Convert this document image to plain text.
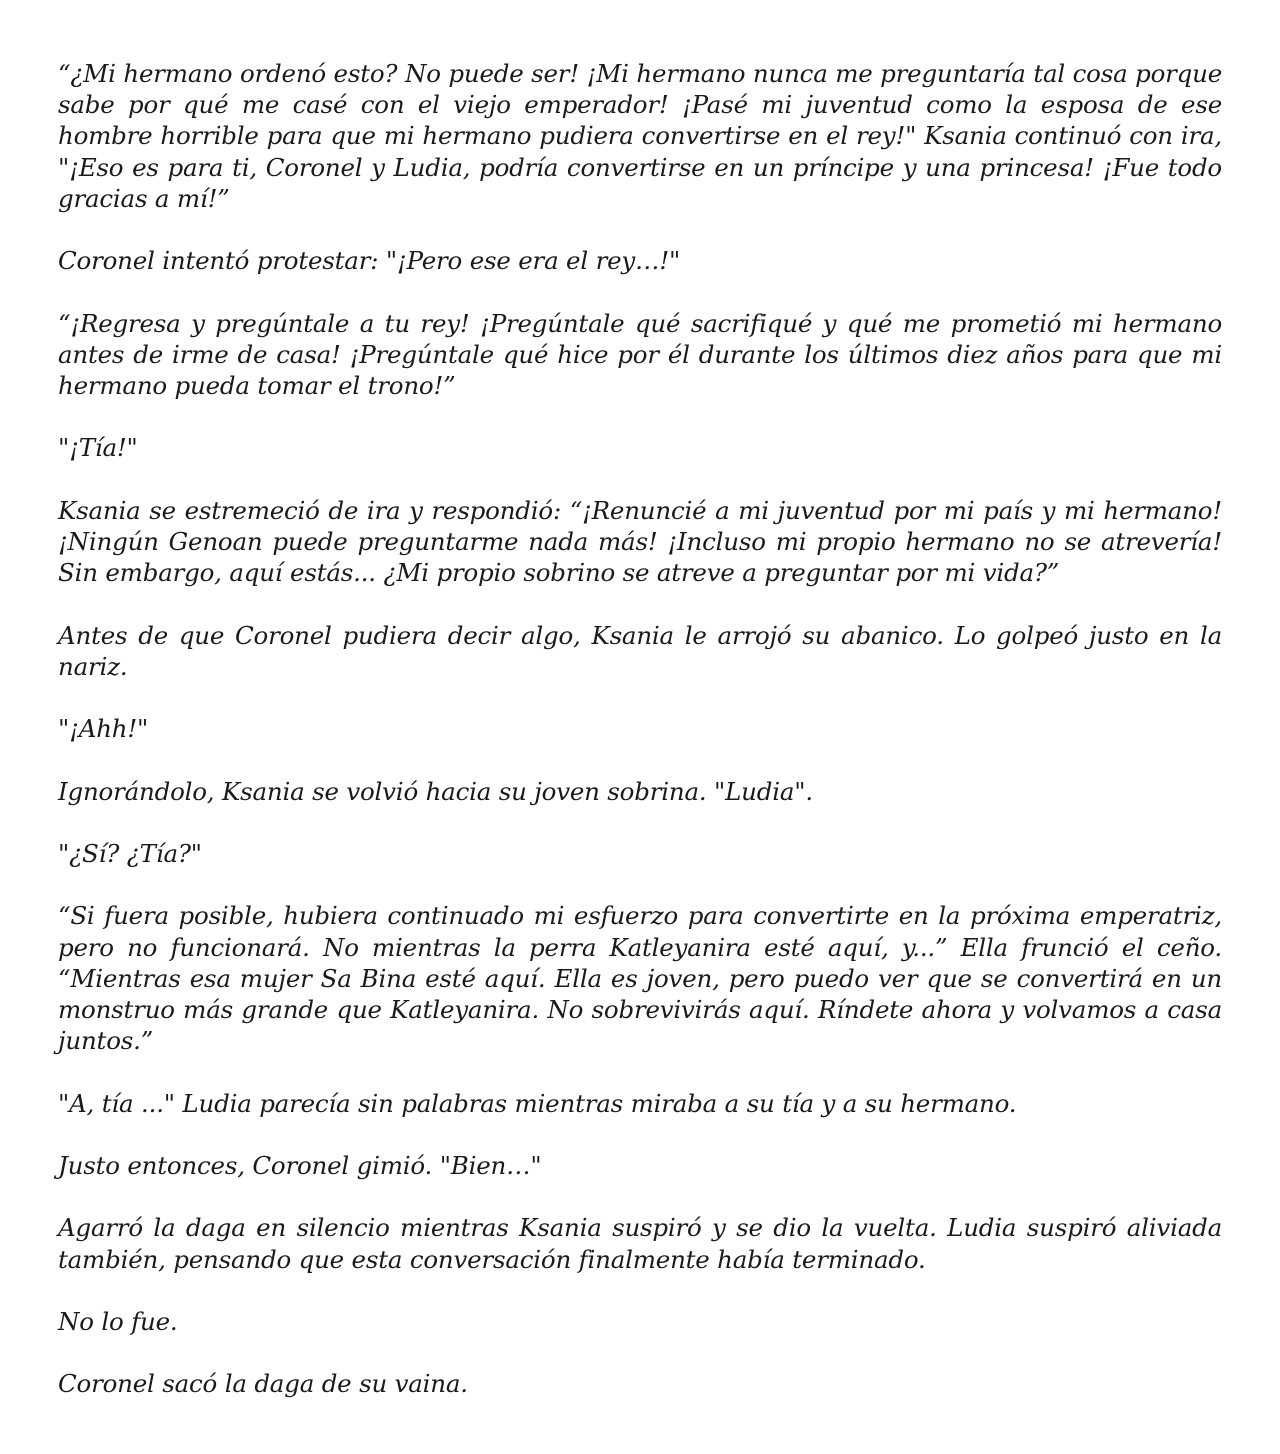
“¿Mi hermano ordenó esto? No puede ser! ¡Mi hermano nunca me preguntaría tal cosa porque sabe por qué me casé con el viejo emperador! ¡Pasé mi juventud como la esposa de ese hombre horrible para que mi hermano pudiera convertirse en el rey!" Ksania continuó con ira, "¡Eso es para ti, Coronel y Ludia, podría convertirse en un príncipe y una princesa! ¡Fue todo gracias a mí!”

Coronel intentó protestar: "¡Pero ese era el rey…!"

“¡Regresa y pregúntale a tu rey! ¡Pregúntale qué sacrifiqué y qué me prometió mi hermano antes de irme de casa! ¡Pregúntale qué hice por él durante los últimos diez años para que mi hermano pueda tomar el trono!”

"¡Tía!"

Ksania se estremeció de ira y respondió: “¡Renuncié a mi juventud por mi país y mi hermano! ¡Ningún Genoan puede preguntarme nada más! ¡Incluso mi propio hermano no se atrevería! Sin embargo, aquí estás... ¿Mi propio sobrino se atreve a preguntar por mi vida?”

Antes de que Coronel pudiera decir algo, Ksania le arrojó su abanico. Lo golpeó justo en la nariz.

"¡Ahh!"

Ignorándolo, Ksania se volvió hacia su joven sobrina. "Ludia".

"¿Sí? ¿Tía?"

“Si fuera posible, hubiera continuado mi esfuerzo para convertirte en la próxima emperatriz, pero no funcionará. No mientras la perra Katleyanira esté aquí, y...” Ella frunció el ceño. “Mientras esa mujer Sa Bina esté aquí. Ella es joven, pero puedo ver que se convertirá en un monstruo más grande que Katleyanira. No sobrevivirás aquí. Ríndete ahora y volvamos a casa juntos.”

"A, tía ..." Ludia parecía sin palabras mientras miraba a su tía y a su hermano.

Justo entonces, Coronel gimió. "Bien…"

Agarró la daga en silencio mientras Ksania suspiró y se dio la vuelta. Ludia suspiró aliviada también, pensando que esta conversación finalmente había terminado.

No lo fue.

Coronel sacó la daga de su vaina.
